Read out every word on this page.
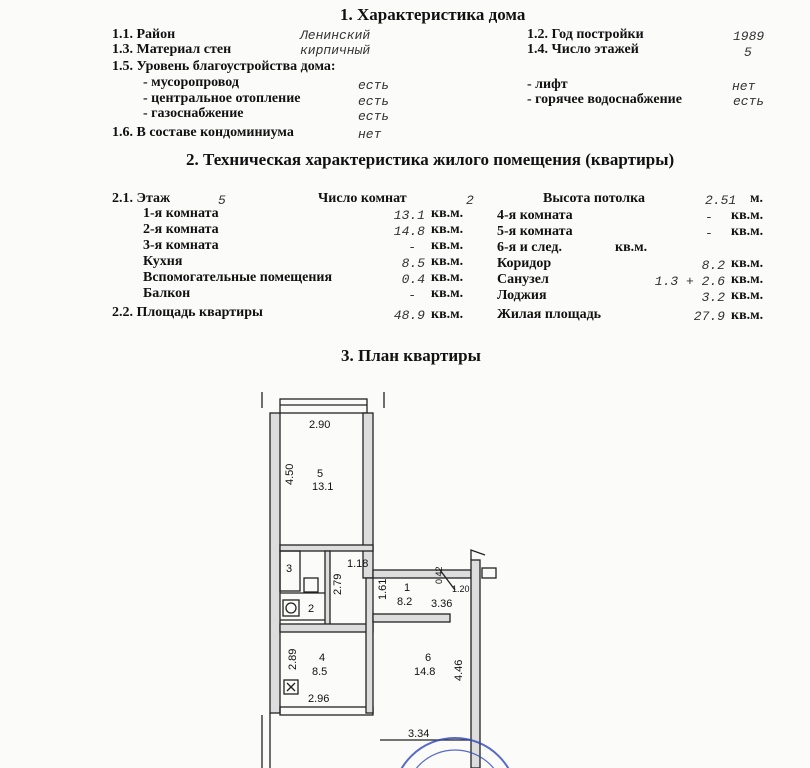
1. Характеристика дома
1.1. Район	Ленинский	1.2. Год постройки	1989
1.3. Материал стен	кирпичный	1.4. Число этажей	5
1.5. Уровень благоустройства дома:
- мусоропровод	есть	- лифт	нет
- центральное отопление	есть	- горячее водоснабжение	есть
- газоснабжение	есть
1.6. В составе кондоминиума	нет
2. Техническая характеристика жилого помещения (квартиры)
2.1. Этаж	5	Число комнат	2	Высота потолка	2.51 м.
1-я комната	13.1 кв.м.
2-я комната	14.8 кв.м.
3-я комната	- кв.м.
Кухня	8.5 кв.м.
Вспомогательные помещения	0.4 кв.м.
Балкон	- кв.м.
4-я комната	- кв.м.
5-я комната	- кв.м.
6-я и след.	кв.м.
Коридор	8.2 кв.м.
Санузел	1.3 + 2.6 кв.м.
Лоджия	3.2 кв.м.
2.2. Площадь квартиры	48.9 кв.м. Жилая площадь	27.9 кв.м.
3. План квартиры
2.90
5
13.1
4.50
3	1.18
2.79
2
1.61 1
8.2
0.42
1.20
3.36
4
8.5
2.89
2.96
6
14.8 4.46
3.34
